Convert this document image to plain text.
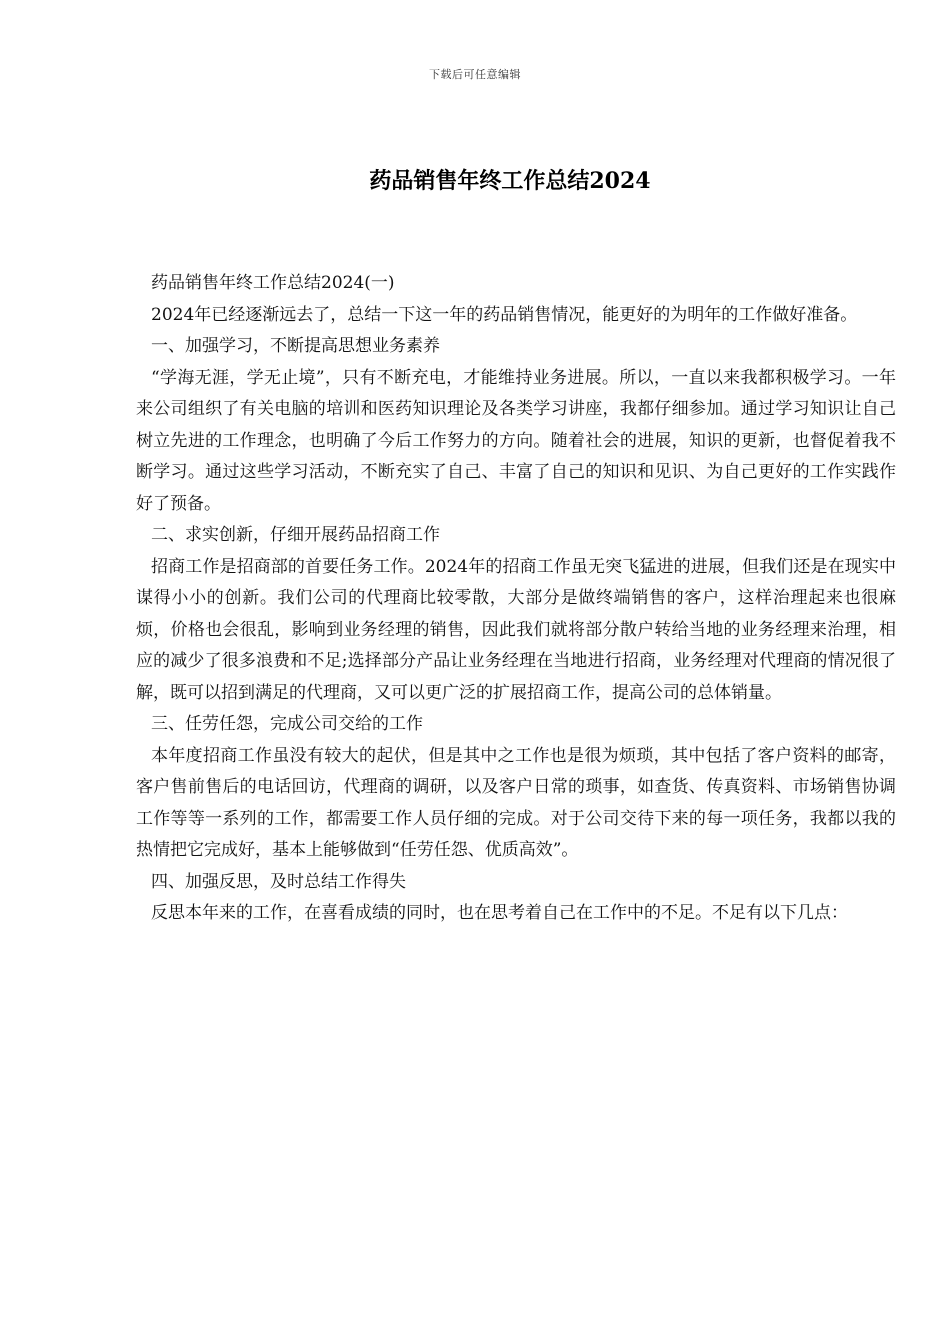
下载后可任意编辑
药品销售年终工作总结2024

药品销售年终工作总结2024(一)

2024年已经逐渐远去了，总结一下这一年的药品销售情况，能更好的为明年的工作做好准备。

一、加强学习，不断提高思想业务素养

“学海无涯，学无止境”，只有不断充电，才能维持业务进展。所以，一直以来我都积极学习。一年来公司组织了有关电脑的培训和医药知识理论及各类学习讲座，我都仔细参加。通过学习知识让自己树立先进的工作理念，也明确了今后工作努力的方向。随着社会的进展，知识的更新，也督促着我不断学习。通过这些学习活动，不断充实了自己、丰富了自己的知识和见识、为自己更好的工作实践作好了预备。

二、求实创新，仔细开展药品招商工作

招商工作是招商部的首要任务工作。2024年的招商工作虽无突飞猛进的进展，但我们还是在现实中谋得小小的创新。我们公司的代理商比较零散，大部分是做终端销售的客户，这样治理起来也很麻烦，价格也会很乱，影响到业务经理的销售，因此我们就将部分散户转给当地的业务经理来治理，相应的减少了很多浪费和不足;选择部分产品让业务经理在当地进行招商，业务经理对代理商的情况很了解，既可以招到满足的代理商，又可以更广泛的扩展招商工作，提高公司的总体销量。

三、任劳任怨，完成公司交给的工作

本年度招商工作虽没有较大的起伏，但是其中之工作也是很为烦琐，其中包括了客户资料的邮寄，客户售前售后的电话回访，代理商的调研，以及客户日常的琐事，如查货、传真资料、市场销售协调工作等等一系列的工作，都需要工作人员仔细的完成。对于公司交待下来的每一项任务，我都以我的热情把它完成好，基本上能够做到“任劳任怨、优质高效”。

四、加强反思，及时总结工作得失

反思本年来的工作，在喜看成绩的同时，也在思考着自己在工作中的不足。不足有以下几点：
